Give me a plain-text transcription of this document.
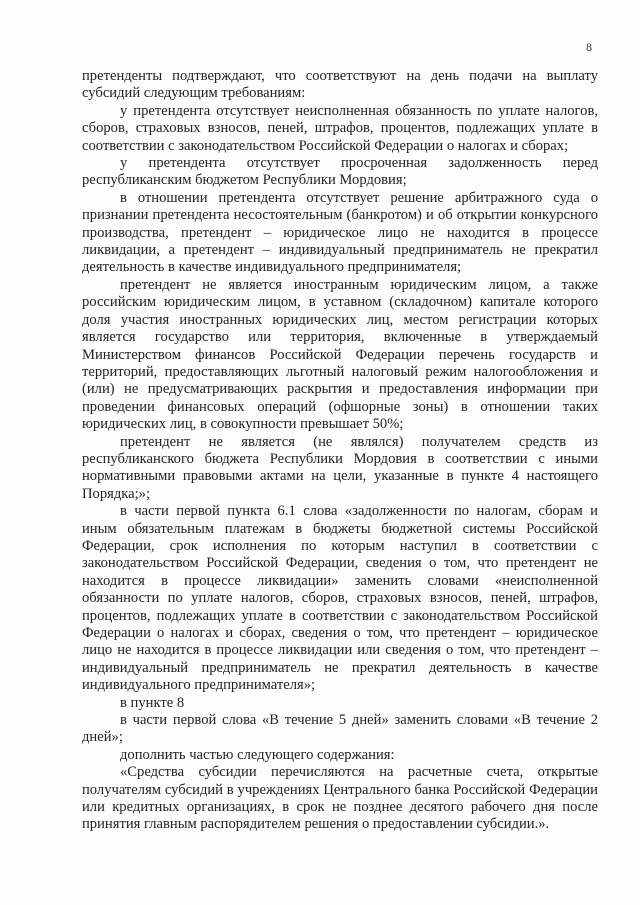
8

претенденты подтверждают, что соответствуют на день подачи на выплату субсидий следующим требованиям:

у претендента отсутствует неисполненная обязанность по уплате налогов, сборов, страховых взносов, пеней, штрафов, процентов, подлежащих уплате в соответствии с законодательством Российской Федерации о налогах и сборах;

у претендента отсутствует просроченная задолженность перед республиканским бюджетом Республики Мордовия;

в отношении претендента отсутствует решение арбитражного суда о признании претендента несостоятельным (банкротом) и об открытии конкурсного производства, претендент – юридическое лицо не находится в процессе ликвидации, а претендент – индивидуальный предприниматель не прекратил деятельность в качестве индивидуального предпринимателя;

претендент не является иностранным юридическим лицом, а также российским юридическим лицом, в уставном (складочном) капитале которого доля участия иностранных юридических лиц, местом регистрации которых является государство или территория, включенные в утверждаемый Министерством финансов Российской Федерации перечень государств и территорий, предоставляющих льготный налоговый режим налогообложения и (или) не предусматривающих раскрытия и предоставления информации при проведении финансовых операций (офшорные зоны) в отношении таких юридических лиц, в совокупности превышает 50%;

претендент не является (не являлся) получателем средств из республиканского бюджета Республики Мордовия в соответствии с иными нормативными правовыми актами на цели, указанные в пункте 4 настоящего Порядка;»;

в части первой пункта 6.1 слова «задолженности по налогам, сборам и иным обязательным платежам в бюджеты бюджетной системы Российской Федерации, срок исполнения по которым наступил в соответствии с законодательством Российской Федерации, сведения о том, что претендент не находится в процессе ликвидации» заменить словами «неисполненной обязанности по уплате налогов, сборов, страховых взносов, пеней, штрафов, процентов, подлежащих уплате в соответствии с законодательством Российской Федерации о налогах и сборах, сведения о том, что претендент – юридическое лицо не находится в процессе ликвидации или сведения о том, что претендент – индивидуальный предприниматель не прекратил деятельность в качестве индивидуального предпринимателя»;

в пункте 8

в части первой слова «В течение 5 дней» заменить словами «В течение 2 дней»;

дополнить частью следующего содержания:

«Средства субсидии перечисляются на расчетные счета, открытые получателям субсидий в учреждениях Центрального банка Российской Федерации или кредитных организациях, в срок не позднее десятого рабочего дня после принятия главным распорядителем решения о предоставлении субсидии.».
